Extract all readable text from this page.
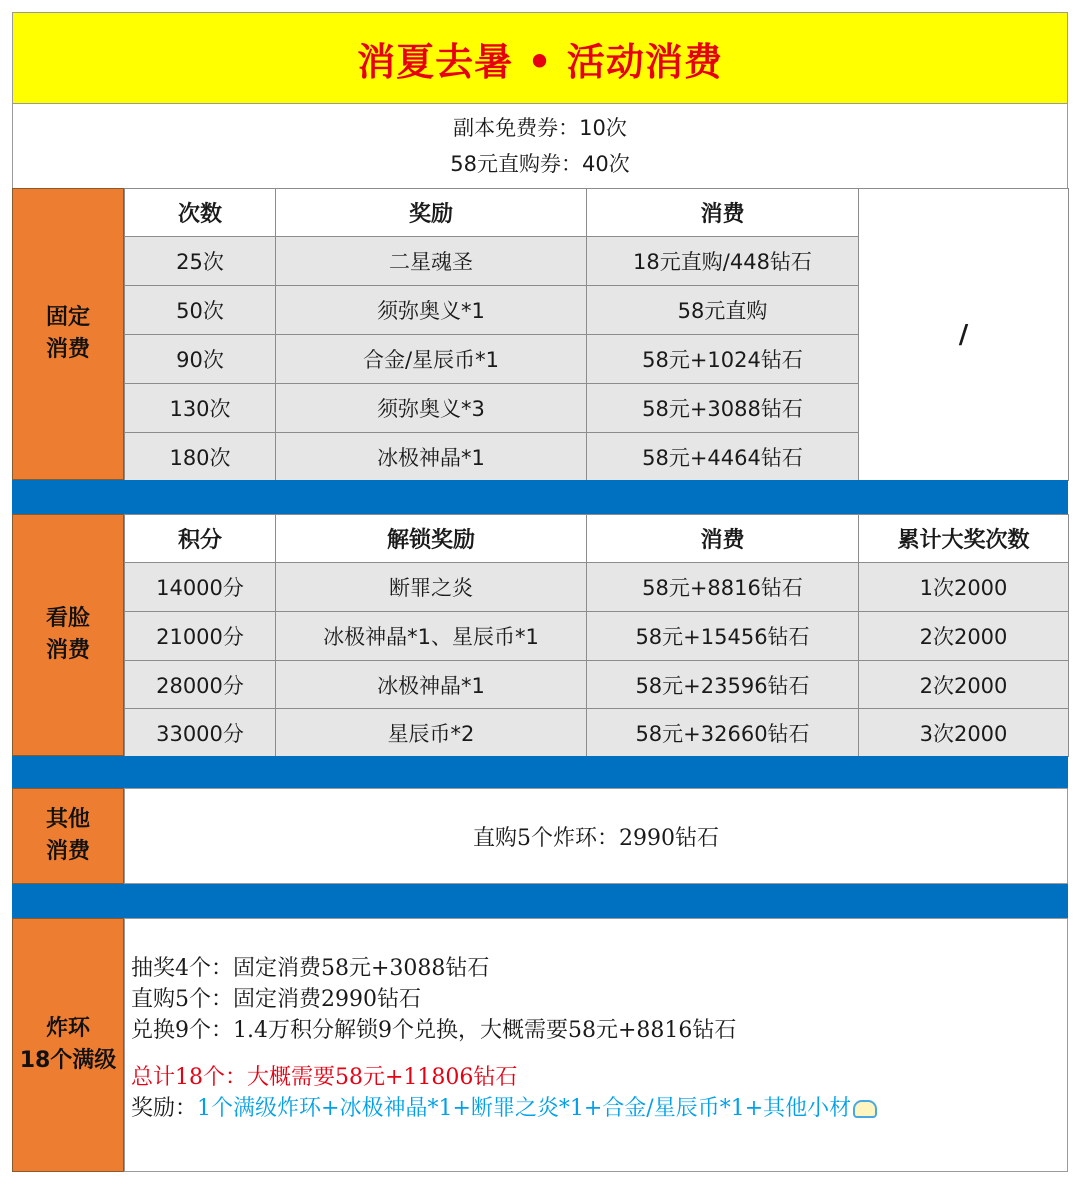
消夏去暑 • 活动消费
副本免费券：10次
58元直购券：40次
固定
消费
次数	奖励	消费	/
25次	二星魂圣	18元直购/448钻石	
50次	须弥奥义*1	58元直购	
90次	合金/星辰币*1	58元+1024钻石	
130次	须弥奥义*3	58元+3088钻石	
180次	冰极神晶*1	58元+4464钻石	
看脸
消费
积分	解锁奖励	消费	累计大奖次数
14000分	断罪之炎	58元+8816钻石	1次2000
21000分	冰极神晶*1、星辰币*1	58元+15456钻石	2次2000
28000分	冰极神晶*1	58元+23596钻石	2次2000
33000分	星辰币*2	58元+32660钻石	3次2000
其他
消费
直购5个炸环：2990钻石
炸环
18个满级
抽奖4个：固定消费58元+3088钻石
直购5个：固定消费2990钻石
兑换9个：1.4万积分解锁9个兑换，大概需要58元+8816钻石
总计18个：大概需要58元+11806钻石
奖励：1个满级炸环+冰极神晶*1+断罪之炎*1+合金/星辰币*1+其他小材
